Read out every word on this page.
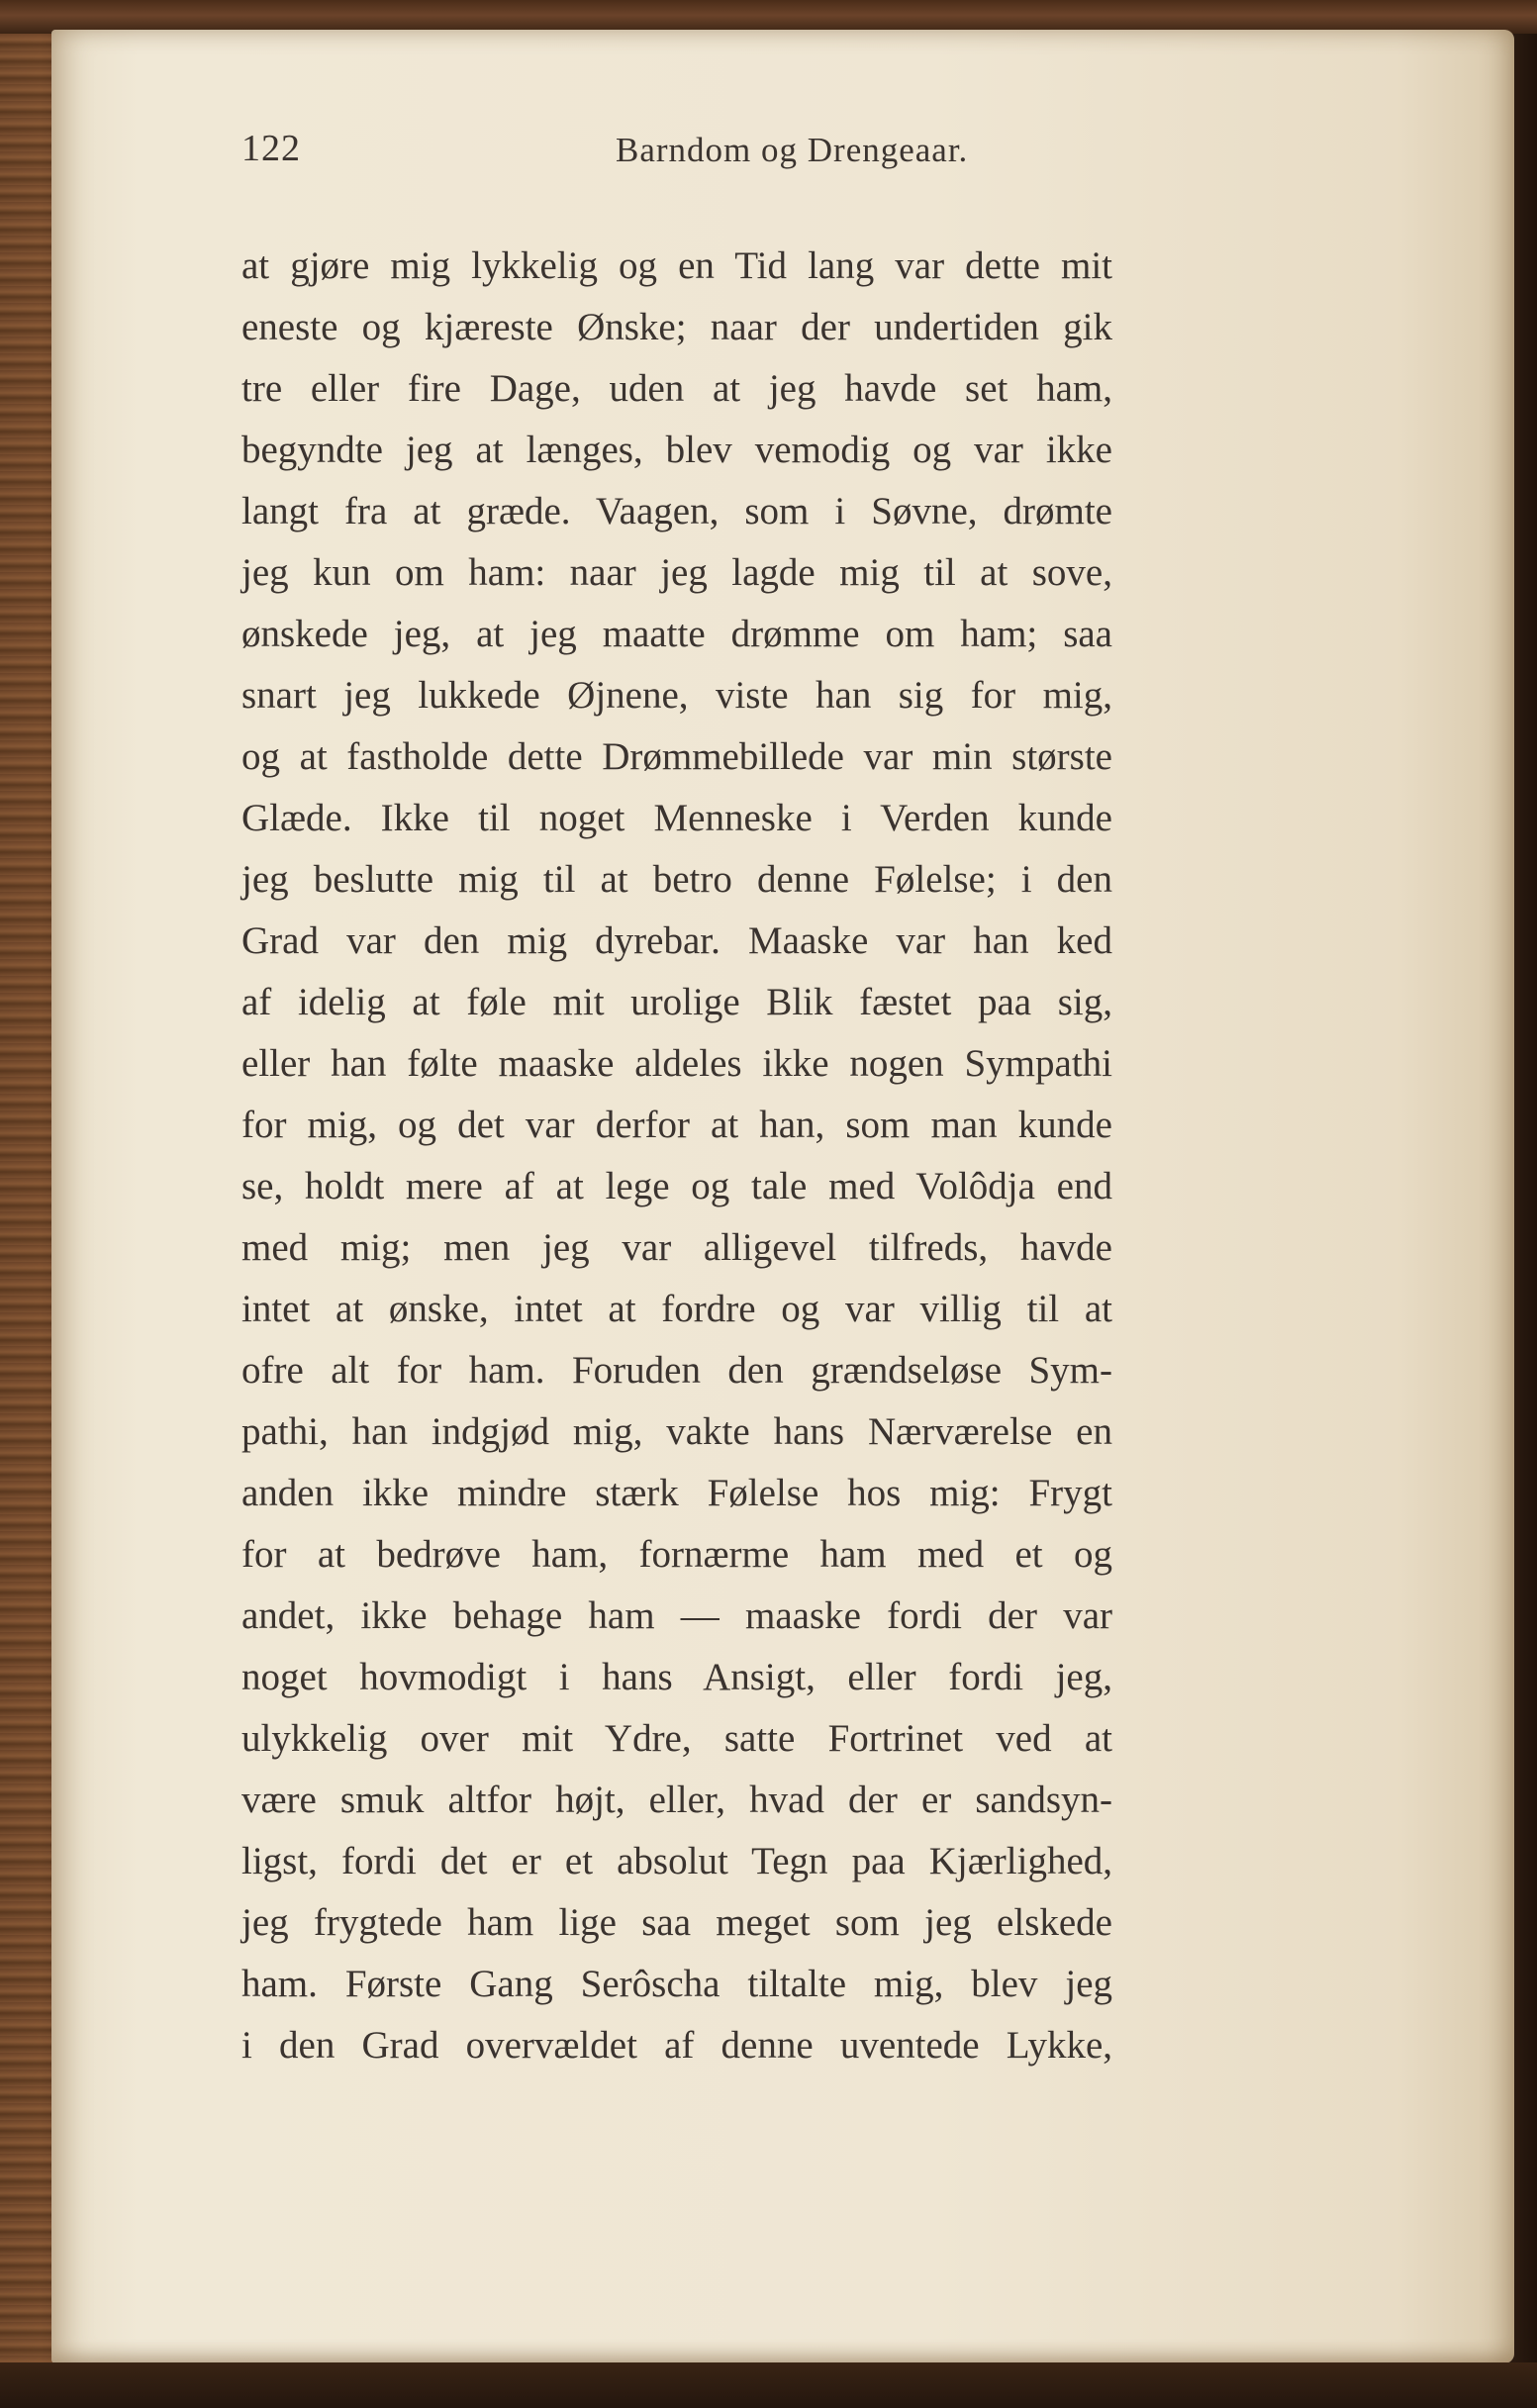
122	Barndom og Drengeaar.
at gjøre mig lykkelig og en Tid lang var dette mit
eneste og kjæreste Ønske; naar der undertiden gik
tre eller fire Dage, uden at jeg havde set ham,
begyndte jeg at længes, blev vemodig og var ikke
langt fra at græde. Vaagen, som i Søvne, drømte
jeg kun om ham: naar jeg lagde mig til at sove,
ønskede jeg, at jeg maatte drømme om ham; saa
snart jeg lukkede Øjnene, viste han sig for mig,
og at fastholde dette Drømmebillede var min største
Glæde. Ikke til noget Menneske i Verden kunde
jeg beslutte mig til at betro denne Følelse; i den
Grad var den mig dyrebar. Maaske var han ked
af idelig at føle mit urolige Blik fæstet paa sig,
eller han følte maaske aldeles ikke nogen Sympathi
for mig, og det var derfor at han, som man kunde
se, holdt mere af at lege og tale med Volôdja end
med mig; men jeg var alligevel tilfreds, havde
intet at ønske, intet at fordre og var villig til at
ofre alt for ham. Foruden den grændseløse Sym-
pathi, han indgjød mig, vakte hans Nærværelse en
anden ikke mindre stærk Følelse hos mig: Frygt
for at bedrøve ham, fornærme ham med et og
andet, ikke behage ham — maaske fordi der var
noget hovmodigt i hans Ansigt, eller fordi jeg,
ulykkelig over mit Ydre, satte Fortrinet ved at
være smuk altfor højt, eller, hvad der er sandsyn-
ligst, fordi det er et absolut Tegn paa Kjærlighed,
jeg frygtede ham lige saa meget som jeg elskede
ham. Første Gang Serôscha tiltalte mig, blev jeg
i den Grad overvældet af denne uventede Lykke,
